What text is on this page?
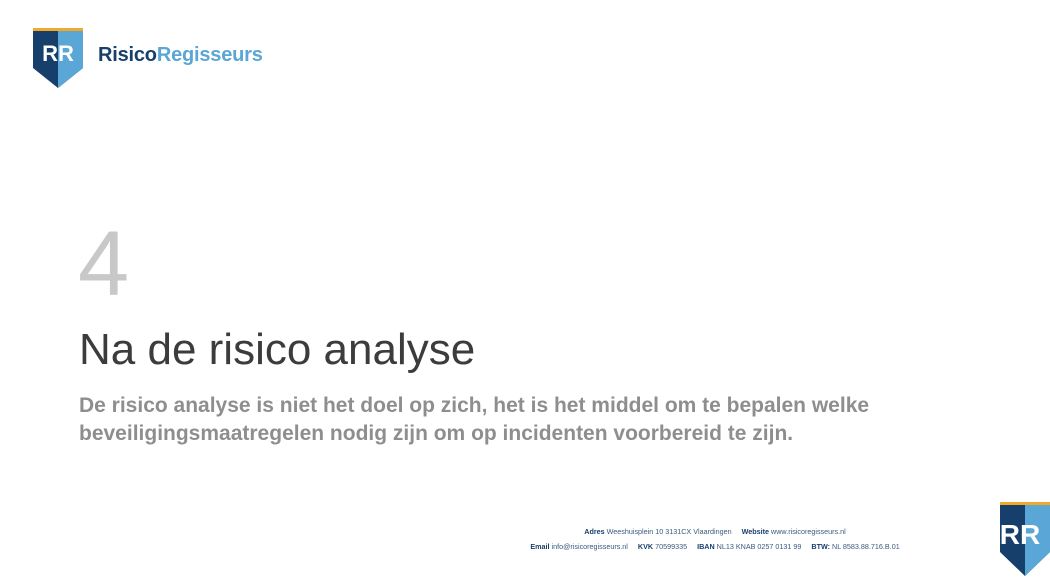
RR RisicoRegisseurs
4
Na de risico analyse
De risico analyse is niet het doel op zich, het is het middel om te bepalen welke beveiligingsmaatregelen nodig zijn om op incidenten voorbereid te zijn.
Adres Weeshuisplein 10 3131CX Vlaardingen Website www.risicoregisseurs.nl
Email info@risicoregisseurs.nl KVK 70599335 IBAN NL13 KNAB 0257 0131 99 BTW: NL 8583.88.716.B.01	RR
